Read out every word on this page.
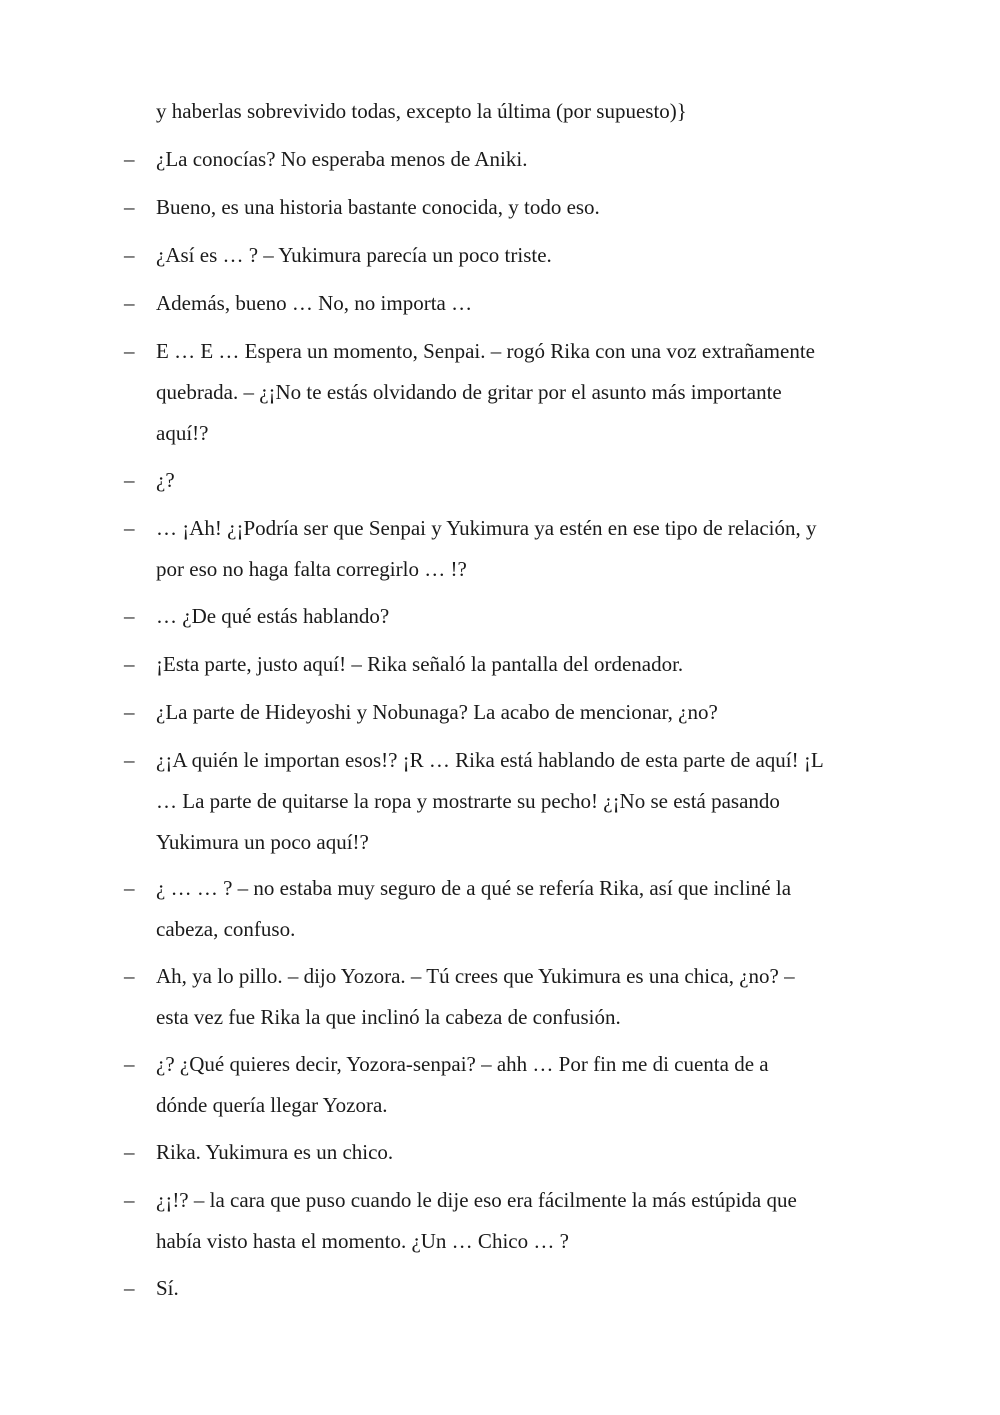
y haberlas sobrevivido todas, excepto la última (por supuesto)}
– ¿La conocías? No esperaba menos de Aniki.
– Bueno, es una historia bastante conocida, y todo eso.
– ¿Así es … ? – Yukimura parecía un poco triste.
– Además, bueno … No, no importa …
– E … E … Espera un momento, Senpai. – rogó Rika con una voz extrañamente
quebrada. – ¿¡No te estás olvidando de gritar por el asunto más importante
aquí!?
– ¿?
– … ¡Ah! ¿¡Podría ser que Senpai y Yukimura ya estén en ese tipo de relación, y
por eso no haga falta corregirlo … !?
– … ¿De qué estás hablando?
– ¡Esta parte, justo aquí! – Rika señaló la pantalla del ordenador.
– ¿La parte de Hideyoshi y Nobunaga? La acabo de mencionar, ¿no?
– ¿¡A quién le importan esos!? ¡R … Rika está hablando de esta parte de aquí! ¡L
… La parte de quitarse la ropa y mostrarte su pecho! ¿¡No se está pasando
Yukimura un poco aquí!?
– ¿ … … ? – no estaba muy seguro de a qué se refería Rika, así que incliné la
cabeza, confuso.
– Ah, ya lo pillo. – dijo Yozora. – Tú crees que Yukimura es una chica, ¿no? –
esta vez fue Rika la que inclinó la cabeza de confusión.
– ¿? ¿Qué quieres decir, Yozora-senpai? – ahh … Por fin me di cuenta de a
dónde quería llegar Yozora.
– Rika. Yukimura es un chico.
– ¿¡!? – la cara que puso cuando le dije eso era fácilmente la más estúpida que
había visto hasta el momento. ¿Un … Chico … ?
– Sí.
